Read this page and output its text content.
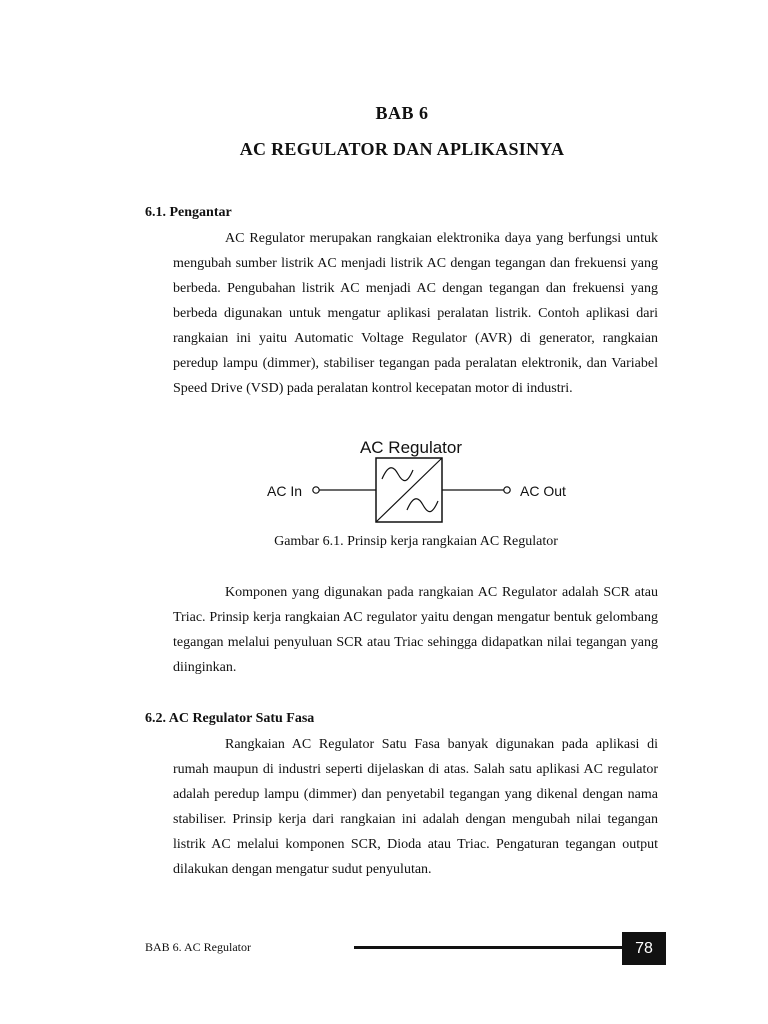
BAB 6
AC REGULATOR DAN APLIKASINYA
6.1. Pengantar

AC Regulator merupakan rangkaian elektronika daya yang berfungsi untuk mengubah sumber listrik AC menjadi listrik AC dengan tegangan dan frekuensi yang berbeda. Pengubahan listrik AC menjadi AC dengan tegangan dan frekuensi yang berbeda digunakan untuk mengatur aplikasi peralatan listrik. Contoh aplikasi dari rangkaian ini yaitu Automatic Voltage Regulator (AVR) di generator, rangkaian peredup lampu (dimmer), stabiliser tegangan pada peralatan elektronik, dan Variabel Speed Drive (VSD) pada peralatan kontrol kecepatan motor di industri.

AC Regulator
AC In	AC Out
Gambar 6.1. Prinsip kerja rangkaian AC Regulator

Komponen yang digunakan pada rangkaian AC Regulator adalah SCR atau Triac. Prinsip kerja rangkaian AC regulator yaitu dengan mengatur bentuk gelombang tegangan melalui penyuluan SCR atau Triac sehingga didapatkan nilai tegangan yang diinginkan.

6.2. AC Regulator Satu Fasa

Rangkaian AC Regulator Satu Fasa banyak digunakan pada aplikasi di rumah maupun di industri seperti dijelaskan di atas. Salah satu aplikasi AC regulator adalah peredup lampu (dimmer) dan penyetabil tegangan yang dikenal dengan nama stabiliser. Prinsip kerja dari rangkaian ini adalah dengan mengubah nilai tegangan listrik AC melalui komponen SCR, Dioda atau Triac. Pengaturan tegangan output dilakukan dengan mengatur sudut penyulutan.

BAB 6. AC Regulator	78
